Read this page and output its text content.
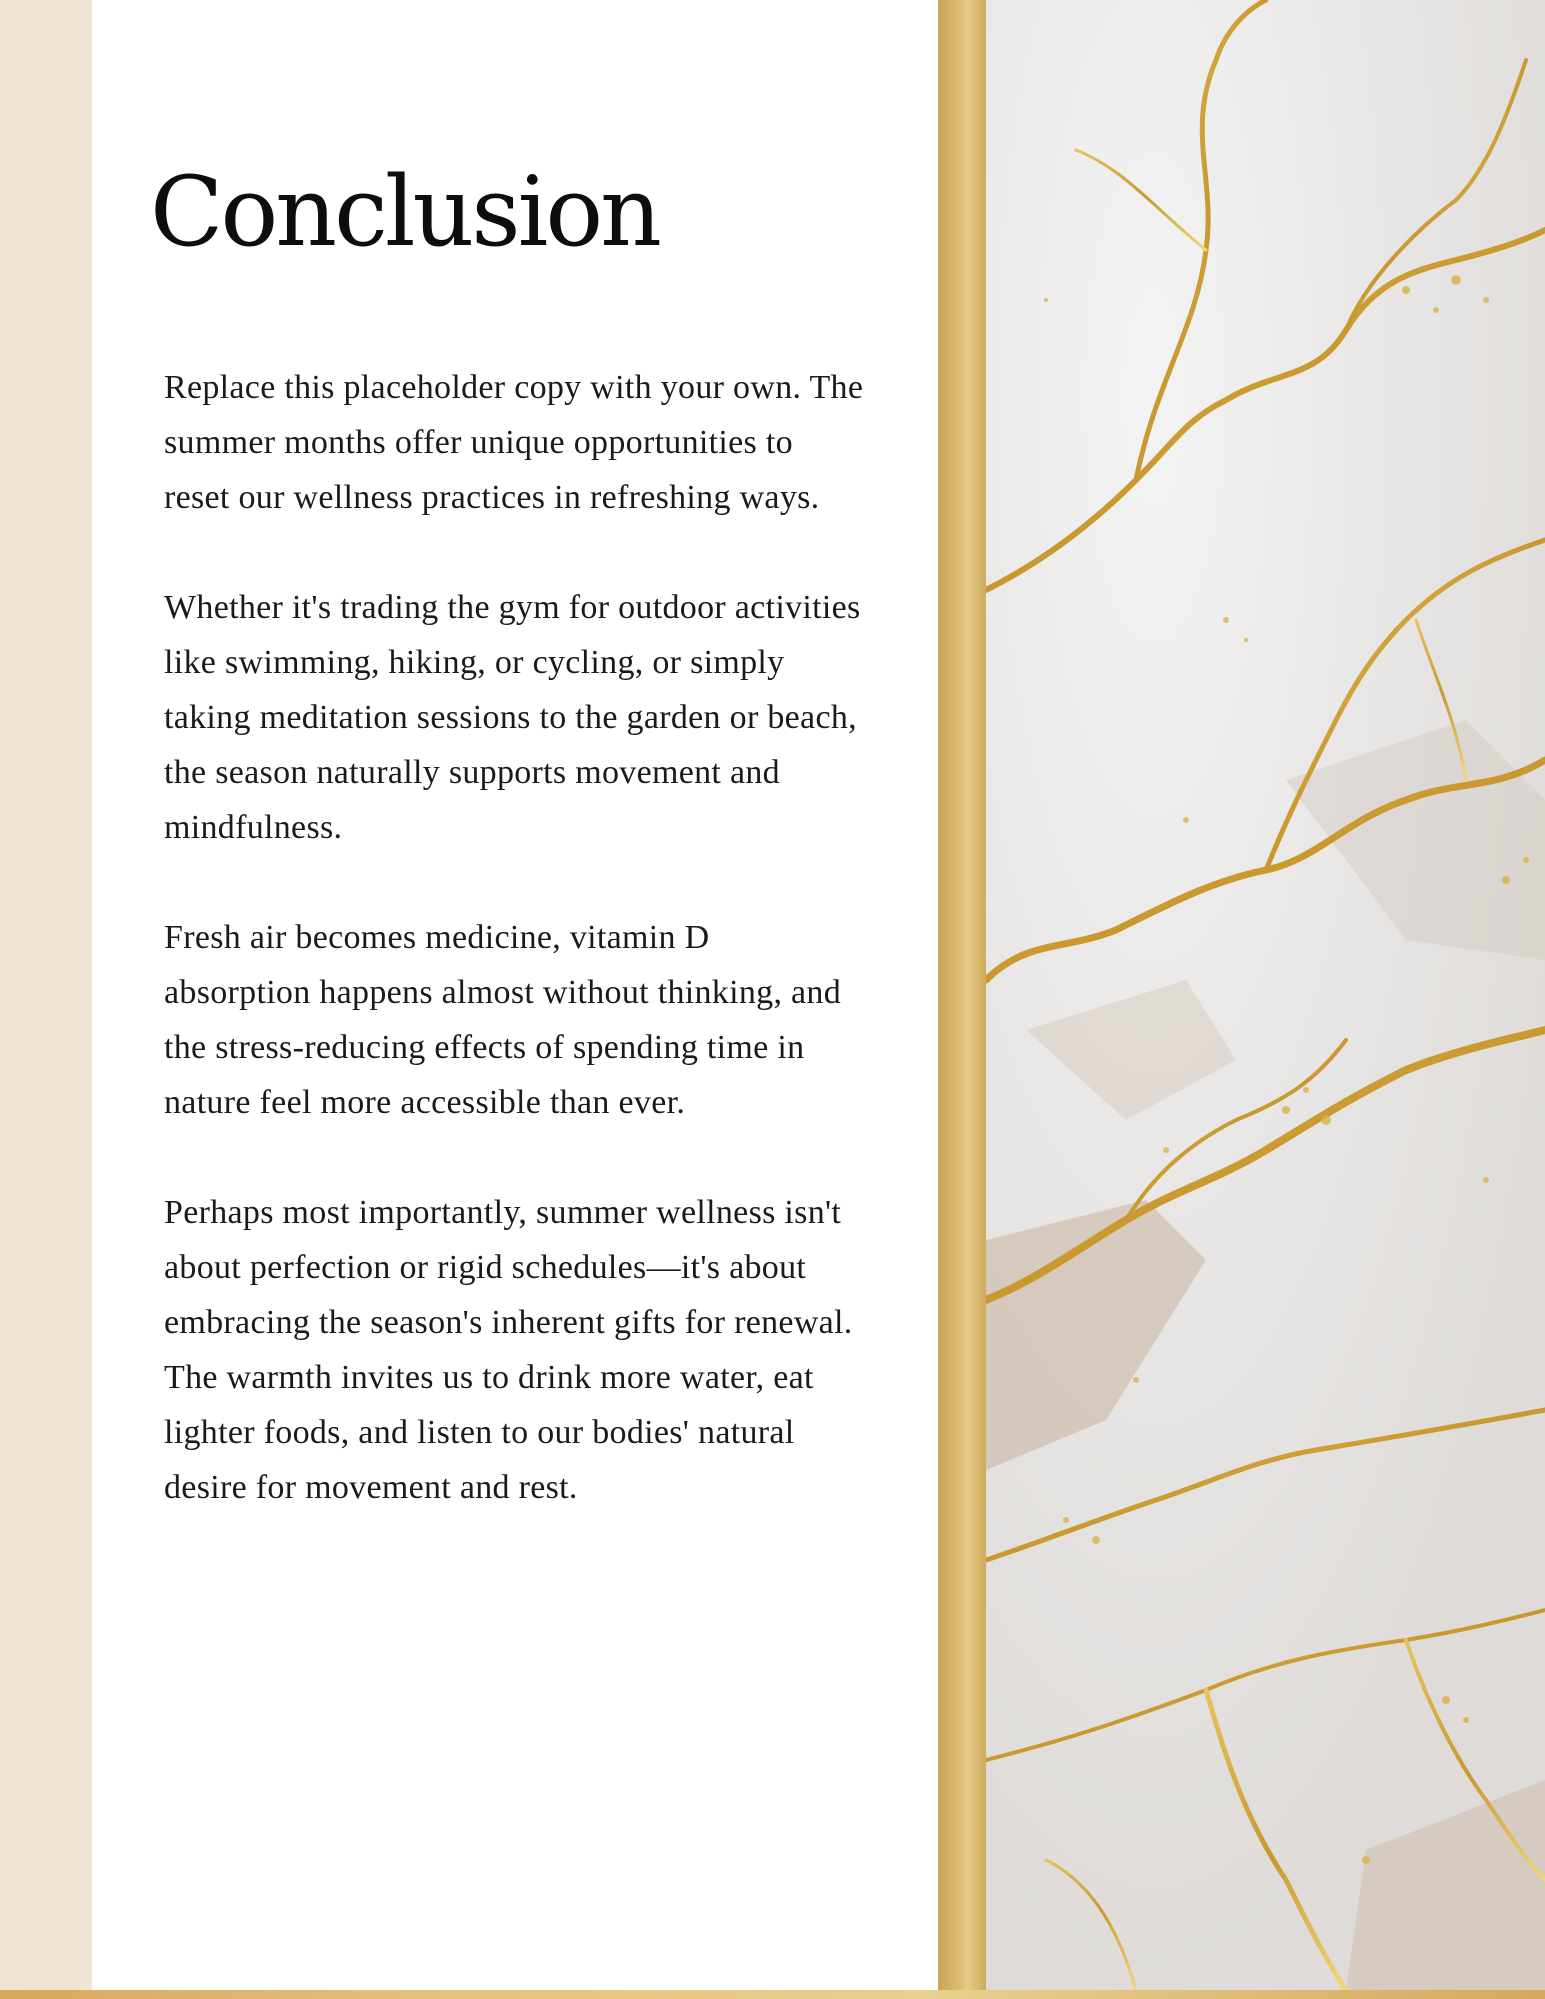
Conclusion

Replace this placeholder copy with your own. The summer months offer unique opportunities to reset our wellness practices in refreshing ways.

Whether it's trading the gym for outdoor activities like swimming, hiking, or cycling, or simply taking meditation sessions to the garden or beach, the season naturally supports movement and mindfulness.

Fresh air becomes medicine, vitamin D absorption happens almost without thinking, and the stress-reducing effects of spending time in nature feel more accessible than ever.

Perhaps most importantly, summer wellness isn't about perfection or rigid schedules—it's about embracing the season's inherent gifts for renewal. The warmth invites us to drink more water, eat lighter foods, and listen to our bodies' natural desire for movement and rest.
